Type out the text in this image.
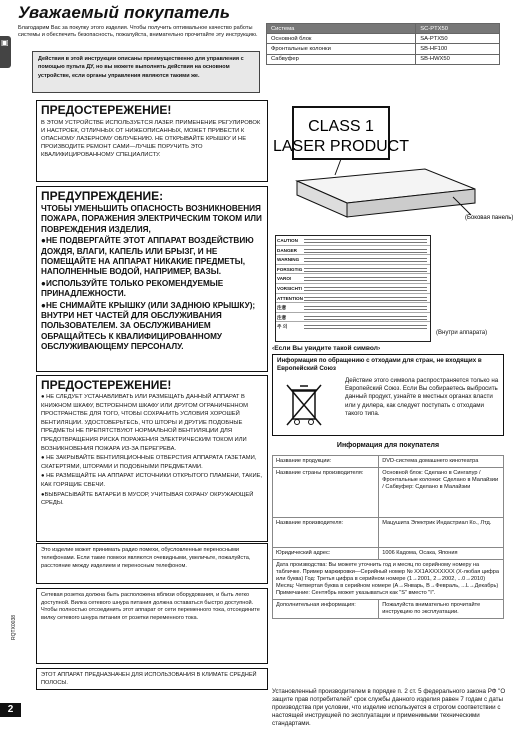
▣
Уважаемый покупатель
Благодарим Вас за покупку этого изделия. Чтобы получить оптимальное качество работы системы и обеспечить безопасность, пожалуйста, внимательно прочитайте эту инструкцию.
Действия в этой инструкции описаны преимущественно для управления с помощью пульта ДУ, но вы можете выполнять действия на основном устройстве, если органы управления являются такими же.
Система	SC-PTX50
Основной блок	SA-PTX50
Фронтальные колонки	SB-HF100
Сабвуфер	SB-HWX50
ПРЕДОСТЕРЕЖЕНИЕ!
В ЭТОМ УСТРОЙСТВЕ ИСПОЛЬЗУЕТСЯ ЛАЗЕР. ПРИМЕНЕНИЕ РЕГУЛИРОВОК И НАСТРОЕК, ОТЛИЧНЫХ ОТ НИЖЕОПИСАННЫХ, МОЖЕТ ПРИВЕСТИ К ОПАСНОМУ ЛАЗЕРНОМУ ОБЛУЧЕНИЮ. НЕ ОТКРЫВАЙТЕ КРЫШКУ И НЕ ПРОИЗВОДИТЕ РЕМОНТ САМИ—ЛУЧШЕ ПОРУЧИТЬ ЭТО КВАЛИФИЦИРОВАННОМУ СПЕЦИАЛИСТУ.
ПРЕДУПРЕЖДЕНИЕ:
ЧТОБЫ УМЕНЬШИТЬ ОПАСНОСТЬ ВОЗНИКНОВЕНИЯ ПОЖАРА, ПОРАЖЕНИЯ ЭЛЕКТРИЧЕСКИМ ТОКОМ ИЛИ ПОВРЕЖДЕНИЯ ИЗДЕЛИЯ,
●НЕ ПОДВЕРГАЙТЕ ЭТОТ АППАРАТ ВОЗДЕЙСТВИЮ ДОЖДЯ, ВЛАГИ, КАПЕЛЬ ИЛИ БРЫЗГ, И НЕ ПОМЕЩАЙТЕ НА АППАРАТ НИКАКИЕ ПРЕДМЕТЫ, НАПОЛНЕННЫЕ ВОДОЙ, НАПРИМЕР, ВАЗЫ.
●ИСПОЛЬЗУЙТЕ ТОЛЬКО РЕКОМЕНДУЕМЫЕ ПРИНАДЛЕЖНОСТИ.
●НЕ СНИМАЙТЕ КРЫШКУ (ИЛИ ЗАДНЮЮ КРЫШКУ); ВНУТРИ НЕТ ЧАСТЕЙ ДЛЯ ОБСЛУЖИВАНИЯ ПОЛЬЗОВАТЕЛЕМ. ЗА ОБСЛУЖИВАНИЕМ ОБРАЩАЙТЕСЬ К КВАЛИФИЦИРОВАННОМУ ОБСЛУЖИВАЮЩЕМУ ПЕРСОНАЛУ.
ПРЕДОСТЕРЕЖЕНИЕ!
● НЕ СЛЕДУЕТ УСТАНАВЛИВАТЬ ИЛИ РАЗМЕЩАТЬ ДАННЫЙ АППАРАТ В КНИЖНОМ ШКАФУ, ВСТРОЕННОМ ШКАФУ ИЛИ ДРУГОМ ОГРАНИЧЕННОМ ПРОСТРАНСТВЕ ДЛЯ ТОГО, ЧТОБЫ СОХРАНИТЬ УСЛОВИЯ ХОРОШЕЙ ВЕНТИЛЯЦИИ. УДОСТОВЕРЬТЕСЬ, ЧТО ШТОРЫ И ДРУГИЕ ПОДОБНЫЕ ПРЕДМЕТЫ НЕ ПРЕПЯТСТВУЮТ НОРМАЛЬНОЙ ВЕНТИЛЯЦИИ ДЛЯ ПРЕДОТВРАЩЕНИЯ РИСКА ПОРАЖЕНИЯ ЭЛЕКТРИЧЕСКИМ ТОКОМ ИЛИ ВОЗНИКНОВЕНИЯ ПОЖАРА ИЗ-ЗА ПЕРЕГРЕВА.
● НЕ ЗАКРЫВАЙТЕ ВЕНТИЛЯЦИОННЫЕ ОТВЕРСТИЯ АППАРАТА ГАЗЕТАМИ, СКАТЕРТЯМИ, ШТОРАМИ И ПОДОБНЫМИ ПРЕДМЕТАМИ.
● НЕ РАЗМЕЩАЙТЕ НА АППАРАТ ИСТОЧНИКИ ОТКРЫТОГО ПЛАМЕНИ, ТАКИЕ, КАК ГОРЯЩИЕ СВЕЧИ.
●ВЫБРАСЫВАЙТЕ БАТАРЕИ В МУСОР, УЧИТЫВАЯ ОХРАНУ ОКРУЖАЮЩЕЙ СРЕДЫ.
Это изделие может принимать радио помехи, обусловленные переносными телефонами. Если такие помехи являются очевидными, увеличьте, пожалуйста, расстояние между изделием и переносным телефоном.
Сетевая розетка должна быть расположена вблизи оборудования, и быть легко доступной. Вилка сетевого шнура питания должна оставаться быстро доступной. Чтобы полностью отсоединить этот аппарат от сети переменного тока, отсоедините вилку сетевого шнура питания от розетки переменного тока.
ЭТОТ АППАРАТ ПРЕДНАЗНАЧЕН ДЛЯ ИСПОЛЬЗОВАНИЯ В КЛИМАТЕ СРЕДНЕЙ ПОЛОСЫ.
RQTX0038
2
CLASS 1
LASER PRODUCT
(Боковая панель)
CAUTION
DANGER
WARNING
FORSIGTIG
VARO!
VORSICHT!
ATTENTION
注意
注意
주 의
(Внутри аппарата)
‹Если Вы увидите такой символ›
Информация по обращению с отходами для стран, не входящих в Европейский Союз
Действие этого символа распространяется только на Европейский Союз. Если Вы собираетесь выбросить данный продукт, узнайте в местных органах власти или у дилера, как следует поступать с отходами такого типа.
Информация для покупателя
Название продукции:	DVD-система домашнего кинотеатра
Название страны производителя:	Основной блок: Сделано в Сингапур / Фронтальные колонки: Сделано в Малайзии / Сабвуфер: Сделано в Малайзии
Название производителя:	Мацушита Электрик Индастриал Ко., Лтд.
Юридический адрес:	1006 Кадома, Осака, Япония
Дата производства: Вы можете уточнить год и месяц по серийному номеру на табличке. Пример маркировки—Серийный номер № XX1AXXXXXXX (Х-любая цифра или буква) Год: Третья цифра в серийном номере (1→2001, 2→2002, ...0→2010) Месяц: Четвертая буква в серийном номере (А→Январь, В→Февраль, ...L→Декабрь) Примечание: Сентябрь может указываться как "S" вместо "I".	
Дополнительная информация:	Пожалуйста внимательно прочитайте инструкцию по эксплуатации.
Установленный производителем в порядке п. 2 ст. 5 федерального закона РФ "О защите прав потребителей" срок службы данного изделия равен 7 годам с даты производства при условии, что изделие используется в строгом соответствии с настоящей инструкцией по эксплуатации и применимыми техническими стандартами.
